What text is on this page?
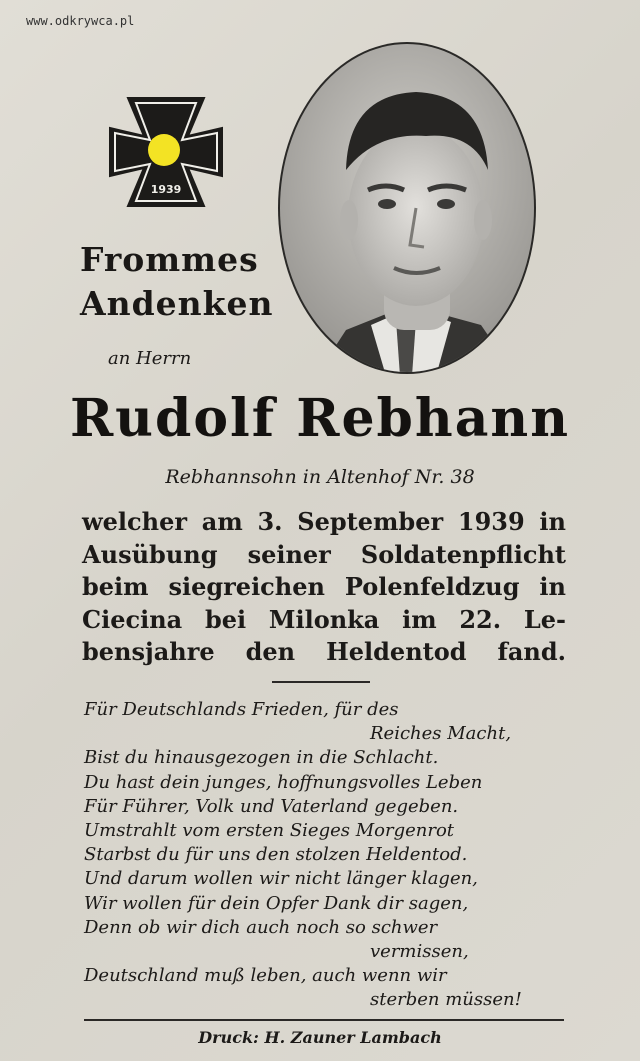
www.odkrywca.pl
1939
Frommes
Andenken
an Herrn
Rudolf Rebhann
Rebhannsohn in Altenhof Nr. 38
welcher am 3. September 1939 in
Ausübung seiner Soldatenpflicht
beim siegreichen Polenfeldzug in
Ciecina bei Milonka im 22. Le-
bensjahre den Heldentod fand.
Für Deutschlands Frieden, für des
Reiches Macht,
Bist du hinausgezogen in die Schlacht.
Du hast dein junges, hoffnungsvolles Leben
Für Führer, Volk und Vaterland gegeben.
Umstrahlt vom ersten Sieges Morgenrot
Starbst du für uns den stolzen Heldentod.
Und darum wollen wir nicht länger klagen,
Wir wollen für dein Opfer Dank dir sagen,
Denn ob wir dich auch noch so schwer
vermissen,
Deutschland muß leben, auch wenn wir
sterben müssen!
Druck: H. Zauner Lambach
